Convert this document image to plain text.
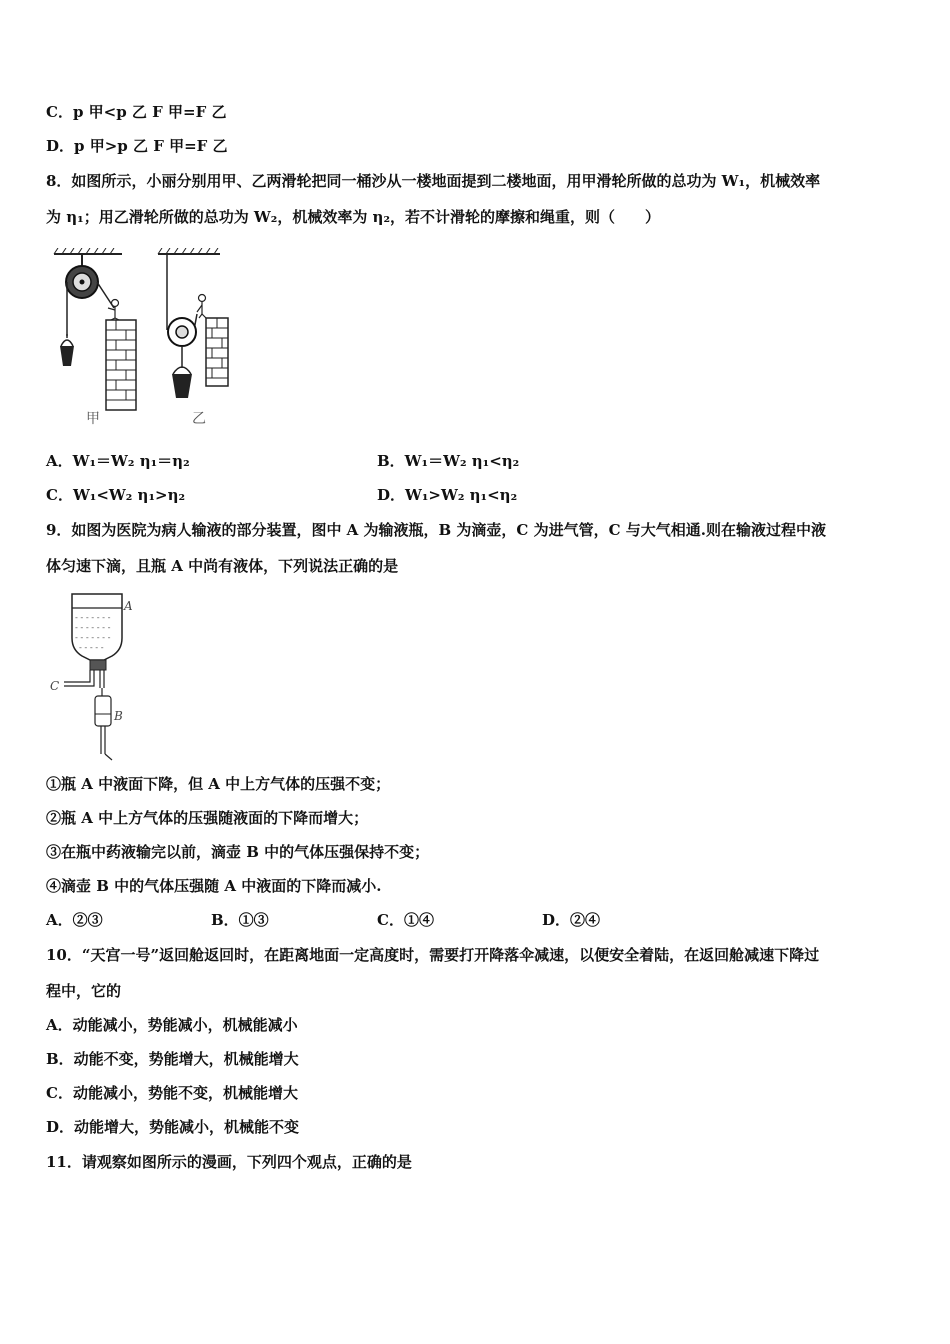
C．p 甲<p 乙 F 甲=F 乙
D．p 甲>p 乙 F 甲=F 乙
8．如图所示，小丽分别用甲、乙两滑轮把同一桶沙从一楼地面提到二楼地面，用甲滑轮所做的总功为 W₁，机械效率
为 η₁；用乙滑轮所做的总功为 W₂，机械效率为 η₂，若不计滑轮的摩擦和绳重，则（　　）
甲	乙
A．W₁＝W₂ η₁＝η₂	B．W₁＝W₂ η₁<η₂
C．W₁<W₂ η₁>η₂	D．W₁>W₂ η₁<η₂
9．如图为医院为病人输液的部分装置，图中 A 为输液瓶，B 为滴壶，C 为进气管，C 与大气相通.则在输液过程中液
体匀速下滴，且瓶 A 中尚有液体，下列说法正确的是
- - - - - - -
- - - - - - -
- - - - - - -
- - - - -
A
C
B
①瓶 A 中液面下降，但 A 中上方气体的压强不变；
②瓶 A 中上方气体的压强随液面的下降而增大；
③在瓶中药液输完以前，滴壶 B 中的气体压强保持不变；
④滴壶 B 中的气体压强随 A 中液面的下降而减小.
A．②③	B．①③	C．①④	D．②④
10．“天宫一号”返回舱返回时，在距离地面一定高度时，需要打开降落伞减速，以便安全着陆，在返回舱减速下降过
程中，它的
A．动能减小，势能减小，机械能减小
B．动能不变，势能增大，机械能增大
C．动能减小，势能不变，机械能增大
D．动能增大，势能减小，机械能不变
11．请观察如图所示的漫画，下列四个观点，正确的是
